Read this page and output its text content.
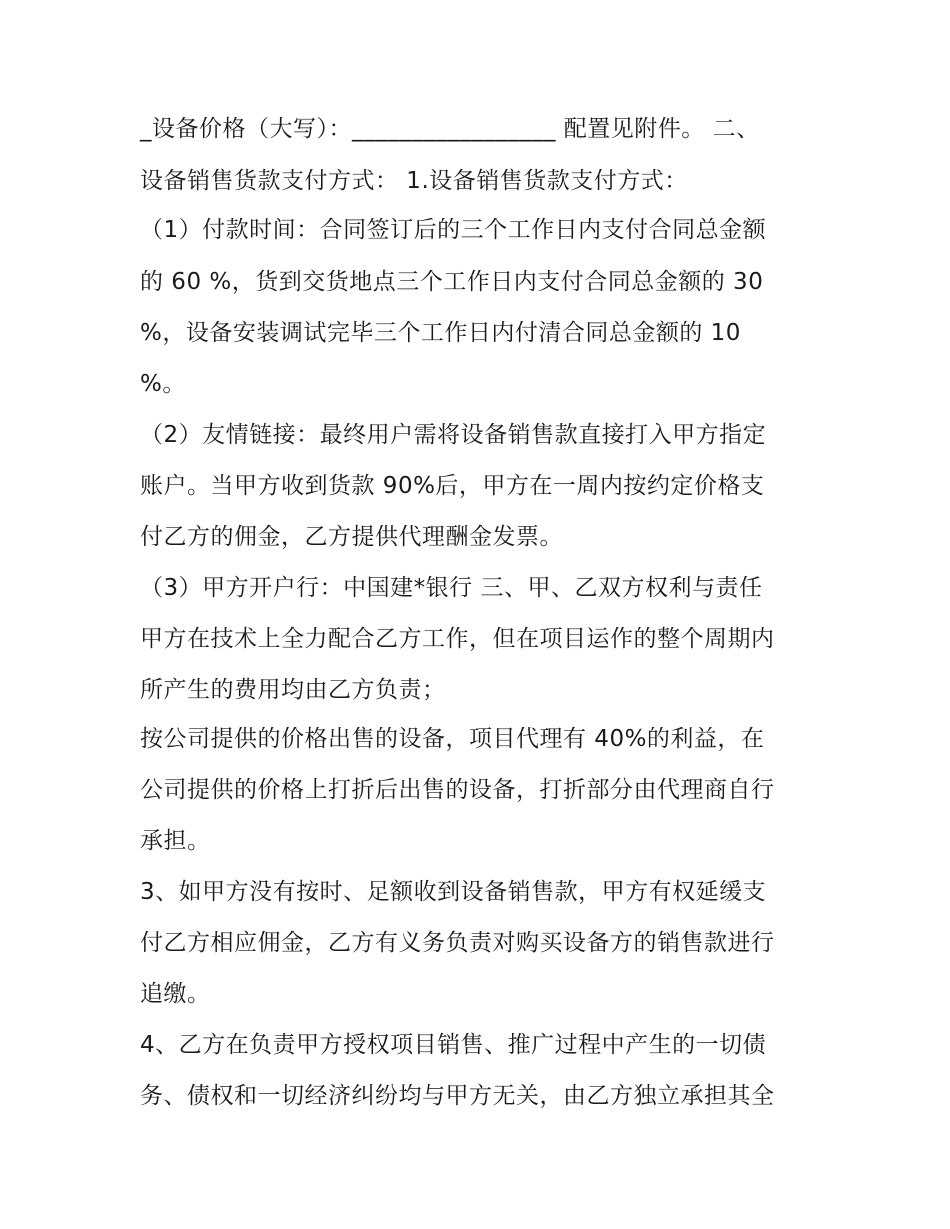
_设备价格（大写）：_________________ 配置见附件。 二、
设备销售货款支付方式： 1.设备销售货款支付方式：
（1）付款时间：合同签订后的三个工作日内支付合同总金额
的 60 %，货到交货地点三个工作日内支付合同总金额的 30
%，设备安装调试完毕三个工作日内付清合同总金额的 10
%。
（2）友情链接：最终用户需将设备销售款直接打入甲方指定
账户。当甲方收到货款 90%后，甲方在一周内按约定价格支
付乙方的佣金，乙方提供代理酬金发票。
（3）甲方开户行：中国建*银行 三、甲、乙双方权利与责任
甲方在技术上全力配合乙方工作，但在项目运作的整个周期内
所产生的费用均由乙方负责；
按公司提供的价格出售的设备，项目代理有 40%的利益，在
公司提供的价格上打折后出售的设备，打折部分由代理商自行
承担。
3、如甲方没有按时、足额收到设备销售款，甲方有权延缓支
付乙方相应佣金，乙方有义务负责对购买设备方的销售款进行
追缴。
4、乙方在负责甲方授权项目销售、推广过程中产生的一切债
务、债权和一切经济纠纷均与甲方无关，由乙方独立承担其全
